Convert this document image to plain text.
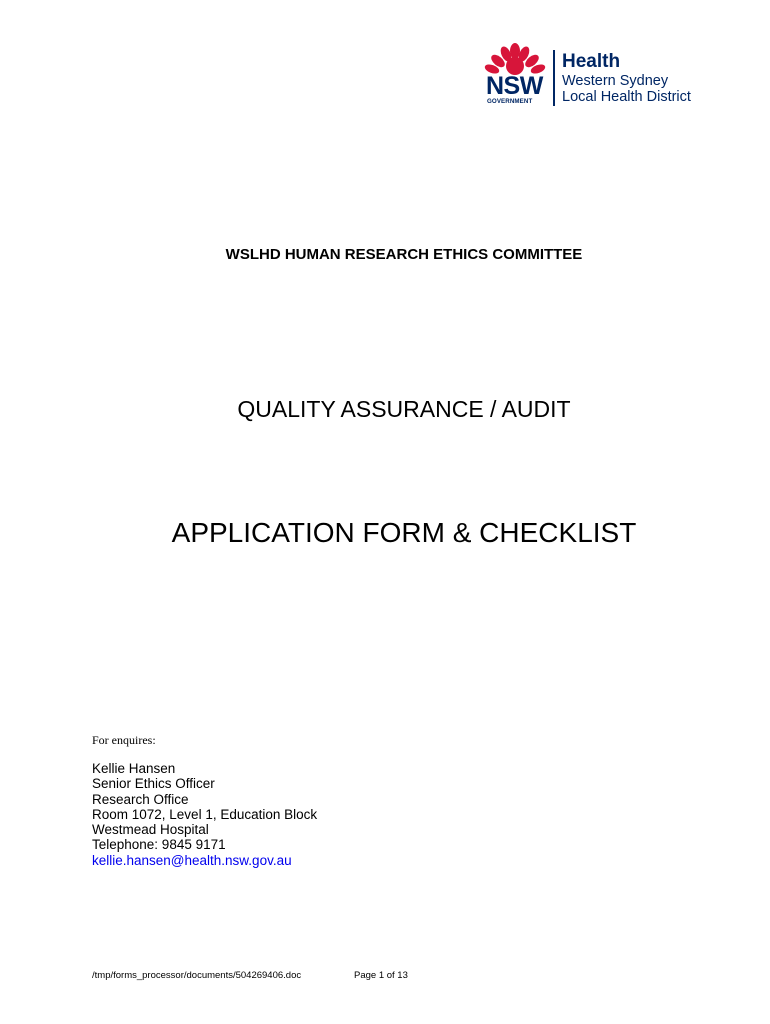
NSW
GOVERNMENT
Health
Western Sydney
Local Health District
WSLHD HUMAN RESEARCH ETHICS COMMITTEE
QUALITY ASSURANCE / AUDIT
APPLICATION FORM & CHECKLIST
For enquires:
Kellie Hansen
Senior Ethics Officer
Research Office
Room 1072, Level 1, Education Block
Westmead Hospital
Telephone: 9845 9171
kellie.hansen@health.nsw.gov.au
/tmp/forms_processor/documents/504269406.doc	Page 1 of 13
